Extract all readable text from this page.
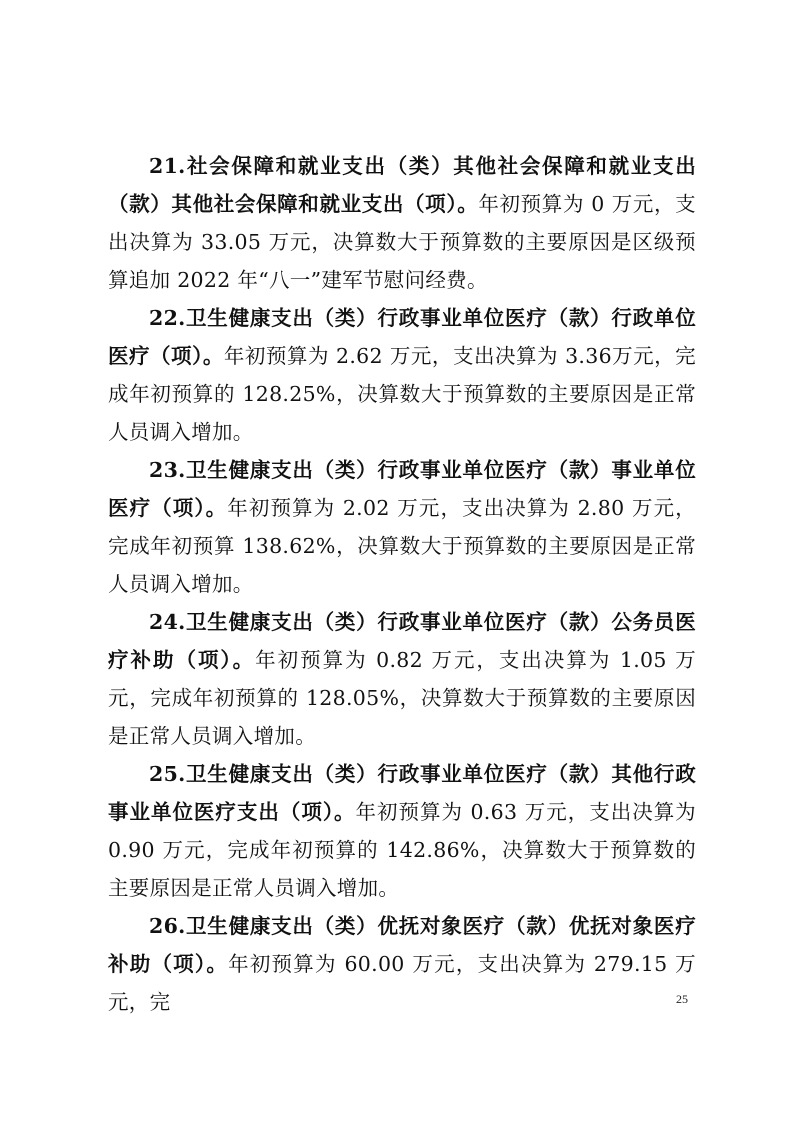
21.社会保障和就业支出（类）其他社会保障和就业支出（款）其他社会保障和就业支出（项）。年初预算为 0 万元，支出决算为 33.05 万元，决算数大于预算数的主要原因是区级预算追加 2022 年“八一”建军节慰问经费。

22.卫生健康支出（类）行政事业单位医疗（款）行政单位医疗（项）。年初预算为 2.62 万元，支出决算为 3.36万元，完成年初预算的 128.25%，决算数大于预算数的主要原因是正常人员调入增加。

23.卫生健康支出（类）行政事业单位医疗（款）事业单位医疗（项）。年初预算为 2.02 万元，支出决算为 2.80 万元，完成年初预算 138.62%，决算数大于预算数的主要原因是正常人员调入增加。

24.卫生健康支出（类）行政事业单位医疗（款）公务员医疗补助（项）。年初预算为 0.82 万元，支出决算为 1.05 万元，完成年初预算的 128.05%，决算数大于预算数的主要原因是正常人员调入增加。

25.卫生健康支出（类）行政事业单位医疗（款）其他行政 事业单位医疗支出（项）。年初预算为 0.63 万元，支出决算为 0.90 万元，完成年初预算的 142.86%，决算数大于预算数的主要原因是正常人员调入增加。

26.卫生健康支出（类）优抚对象医疗（款）优抚对象医疗 补助（项）。年初预算为 60.00 万元，支出决算为 279.15 万元，完	25
